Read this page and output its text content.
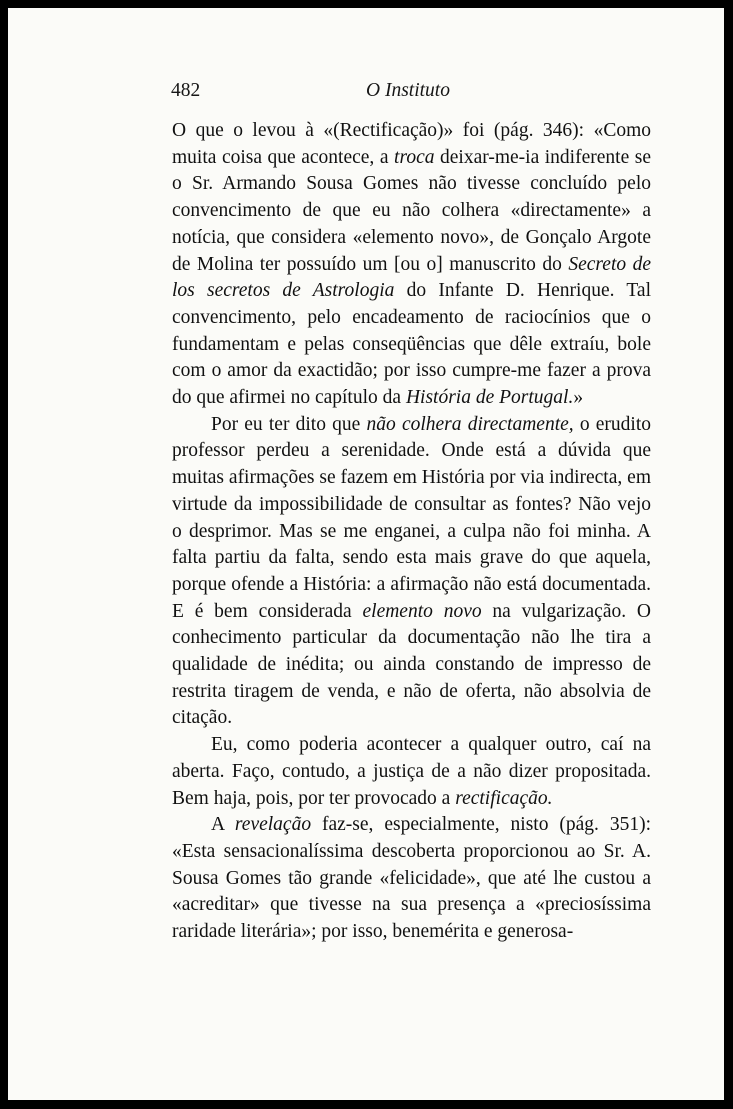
482	O Instituto

O que o levou à «(Rectificação)» foi (pág. 346): «Como muita coisa que acontece, a troca deixar-me-ia indiferente se o Sr. Armando Sousa Gomes não tivesse concluído pelo convencimento de que eu não colhera «directamente» a notícia, que considera «elemento novo», de Gonçalo Argote de Molina ter possuído um [ou o] manuscrito do Secreto de los secretos de Astrologia do Infante D. Henrique. Tal convencimento, pelo encadeamento de raciocínios que o fundamentam e pelas conseqüências que dêle extraíu, bole com o amor da exactidão; por isso cumpre-me fazer a prova do que afirmei no capítulo da História de Portugal.»

Por eu ter dito que não colhera directamente, o erudito professor perdeu a serenidade. Onde está a dúvida que muitas afirmações se fazem em História por via indirecta, em virtude da impossibilidade de consultar as fontes? Não vejo o desprimor. Mas se me enganei, a culpa não foi minha. A falta partiu da falta, sendo esta mais grave do que aquela, porque ofende a História: a afirmação não está documentada. E é bem considerada elemento novo na vulgarização. O conhecimento particular da documentação não lhe tira a qualidade de inédita; ou ainda constando de impresso de restrita tiragem de venda, e não de oferta, não absolvia de citação.

Eu, como poderia acontecer a qualquer outro, caí na aberta. Faço, contudo, a justiça de a não dizer propositada. Bem haja, pois, por ter provocado a rectificação.

A revelação faz-se, especialmente, nisto (pág. 351): «Esta sensacionalíssima descoberta proporcionou ao Sr. A. Sousa Gomes tão grande «felicidade», que até lhe custou a «acreditar» que tivesse na sua presença a «preciosíssima raridade literária»; por isso, benemérita e generosa-
